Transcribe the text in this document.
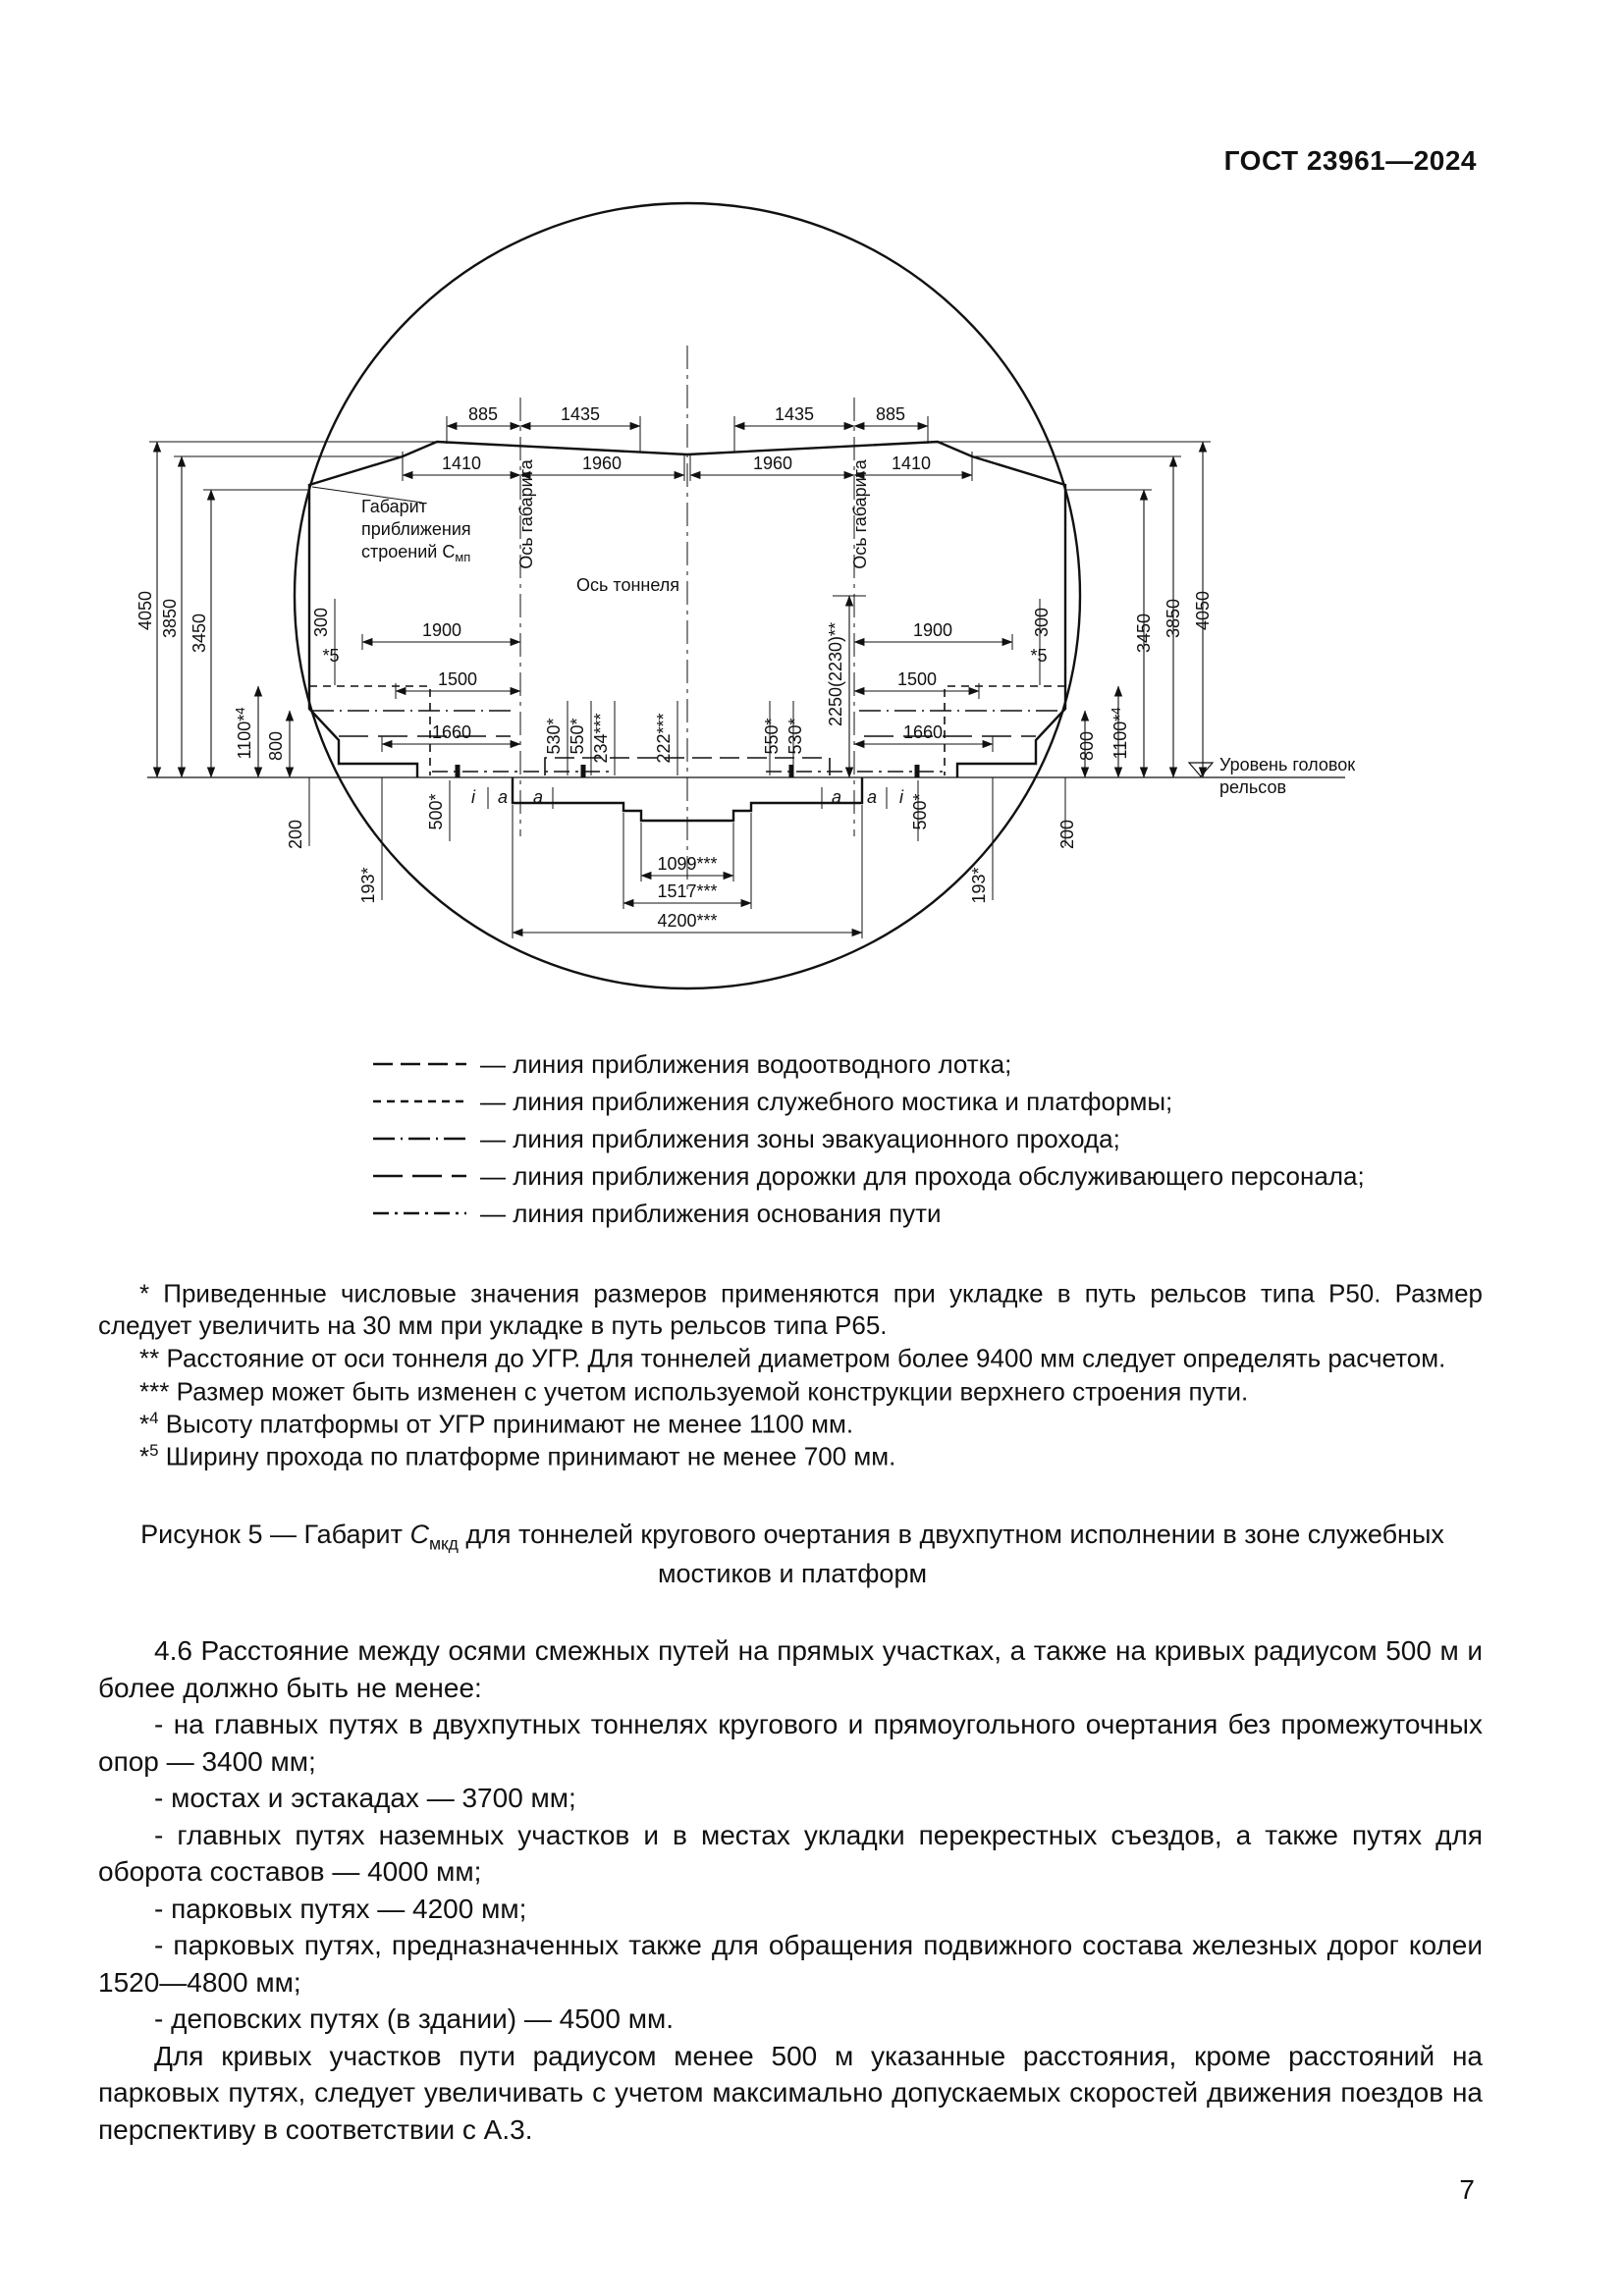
ГОСТ 23961—2024
Габарит
приближения
строений $С_{мп}$
Ось тоннеля
Ось габарита	Ось габарита
Уровень головок
рельсов
885	1435	1435	885
1410	1960	1960	1410
1900	1900
1500	1500
1660	1660
*5	*5
1099***
1517***
4200***
i a a	a a i
4050 3850 3450
4050
3850
3450
300	300
1100*$^4$
1100*$^4$
800	800
530* 550* 234*** 222***	550* 530*
2250(2230)**
500*	500*
200	200
193*	193*
— линия приближения водоотводного лотка;
— линия приближения служебного мостика и платформы;
— линия приближения зоны эвакуационного прохода;
— линия приближения дорожки для прохода обслуживающего персонала;
— линия приближения основания пути

* Приведенные числовые значения размеров применяются при укладке в путь рельсов типа Р50. Размер следует увеличить на 30 мм при укладке в путь рельсов типа Р65.

** Расстояние от оси тоннеля до УГР. Для тоннелей диаметром более 9400 мм следует определять расчетом.

*** Размер может быть изменен с учетом используемой конструкции верхнего строения пути.

*$^4$ Высоту платформы от УГР принимают не менее 1100 мм.

*$^5$ Ширину прохода по платформе принимают не менее 700 мм.

Рисунок 5 — Габарит $С_{мкд}$ для тоннелей кругового очертания в двухпутном исполнении в зоне служебных мостиков и платформ

4.6 Расстояние между осями смежных путей на прямых участках, а также на кривых радиусом 500 м и более должно быть не менее:

- на главных путях в двухпутных тоннелях кругового и прямоугольного очертания без промежуточных опор — 3400 мм;

- мостах и эстакадах — 3700 мм;

- главных путях наземных участков и в местах укладки перекрестных съездов, а также путях для оборота составов — 4000 мм;

- парковых путях — 4200 мм;

- парковых путях, предназначенных также для обращения подвижного состава железных дорог колеи 1520—4800 мм;

- деповских путях (в здании) — 4500 мм.

Для кривых участков пути радиусом менее 500 м указанные расстояния, кроме расстояний на парковых путях, следует увеличивать с учетом максимально допускаемых скоростей движения поездов на перспективу в соответствии с А.3.

7
